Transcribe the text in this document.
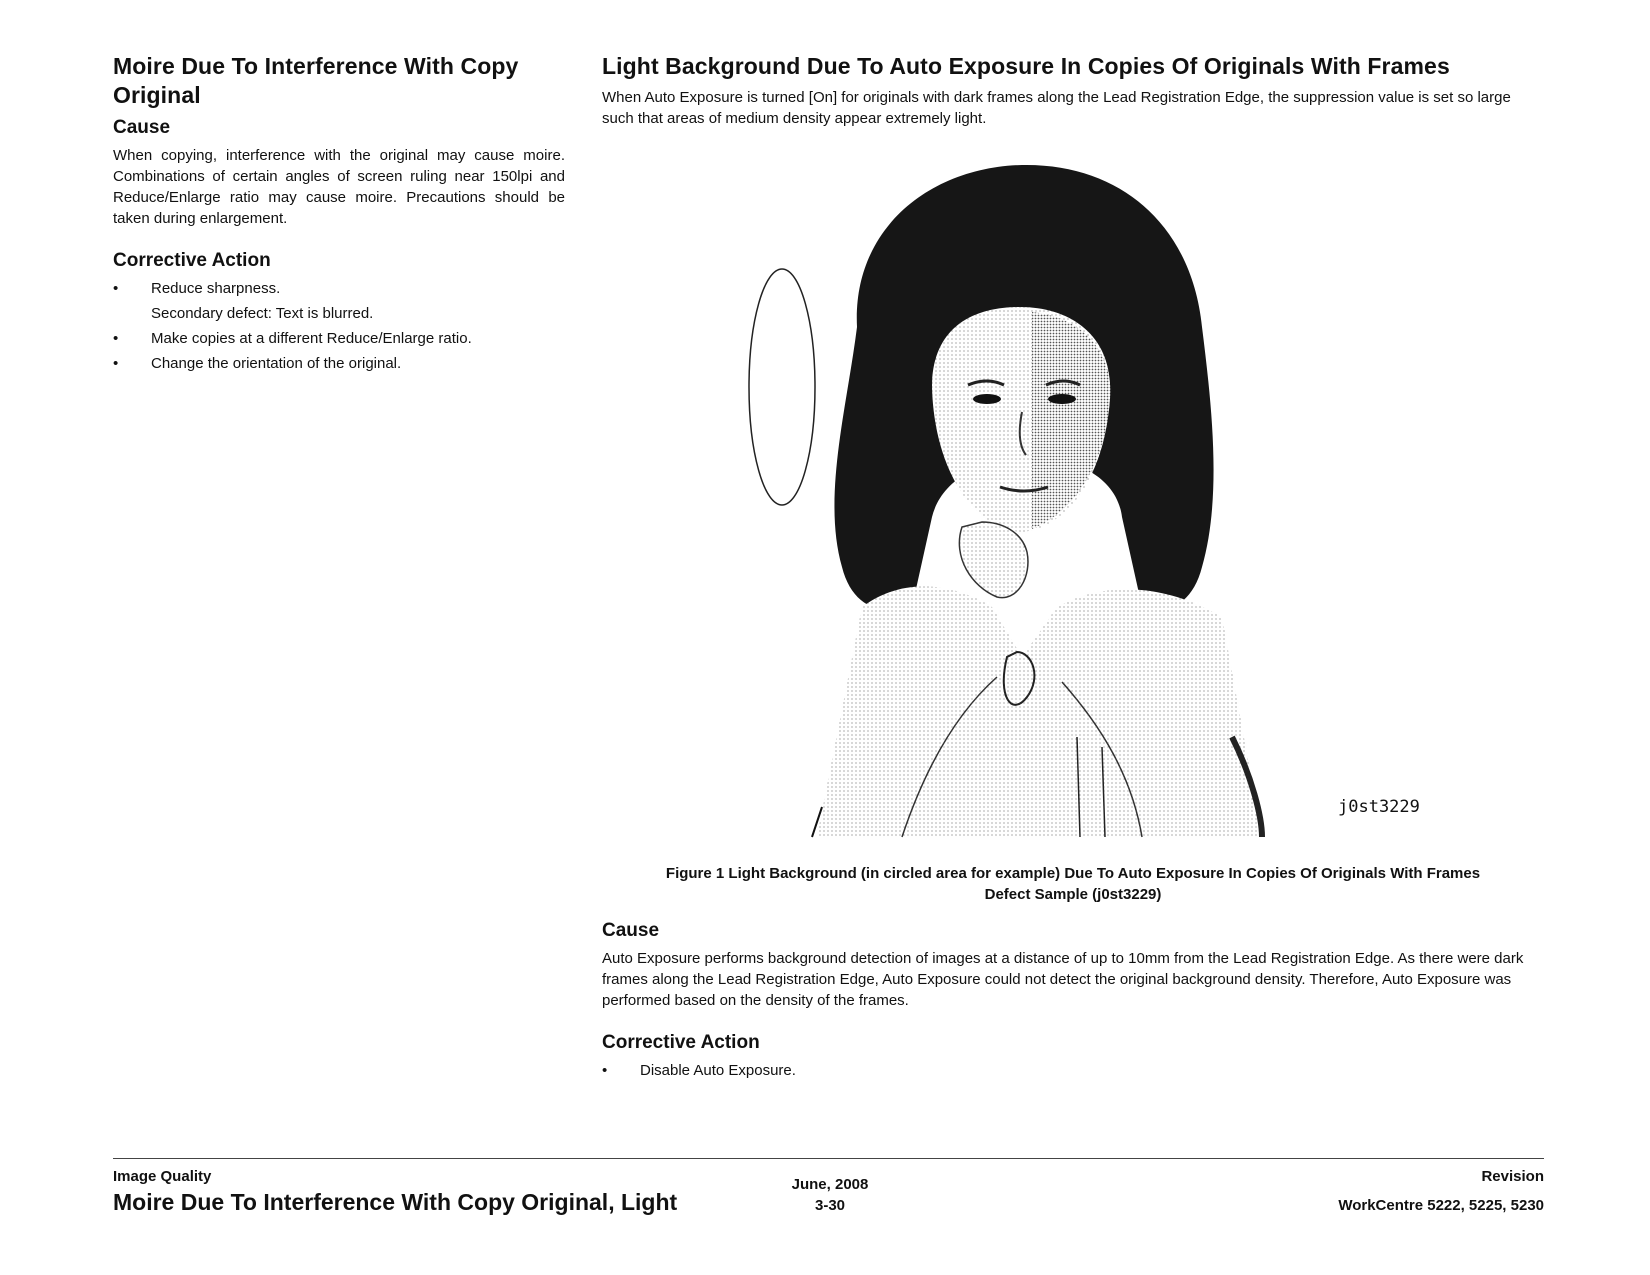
Moire Due To Interference With Copy Original
Cause

When copying, interference with the original may cause moire. Combinations of certain angles of screen ruling near 150lpi and Reduce/Enlarge ratio may cause moire. Precautions should be taken during enlargement.

Corrective Action
•	Reduce sharpness.
Secondary defect: Text is blurred.
•	Make copies at a different Reduce/Enlarge ratio.
•	Change the orientation of the original.
Light Background Due To Auto Exposure In Copies Of Originals With Frames

When Auto Exposure is turned [On] for originals with dark frames along the Lead Registration Edge, the suppression value is set so large such that areas of medium density appear extremely light.

j0st3229
Figure 1 Light Background (in circled area for example) Due To Auto Exposure In Copies Of Originals With Frames
Defect Sample (j0st3229)
Cause

Auto Exposure performs background detection of images at a distance of up to 10mm from the Lead Registration Edge. As there were dark frames along the Lead Registration Edge, Auto Exposure could not detect the original background density. Therefore, Auto Exposure was performed based on the density of the frames.

Corrective Action
•	Disable Auto Exposure.
Image Quality
Moire Due To Interference With Copy Original, Light
June, 2008
3-30
Revision
WorkCentre 5222, 5225, 5230
